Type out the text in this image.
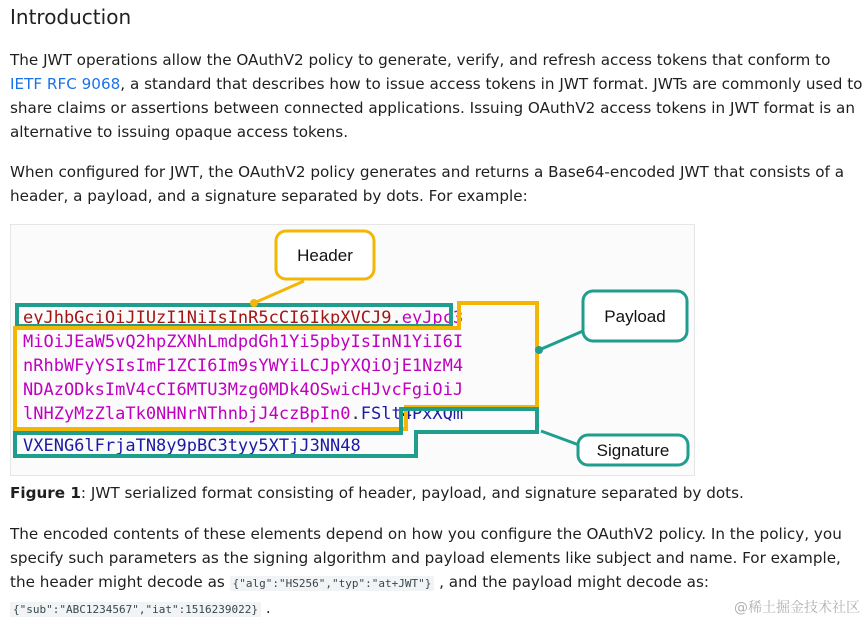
Introduction

The JWT operations allow the OAuthV2 policy to generate, verify, and refresh access tokens that conform to IETF RFC 9068, a standard that describes how to issue access tokens in JWT format. JWTs are commonly used to share claims or assertions between connected applications. Issuing OAuthV2 access tokens in JWT format is an alternative to issuing opaque access tokens.

When configured for JWT, the OAuthV2 policy generates and returns a Base64-encoded JWT that consists of a header, a payload, and a signature separated by dots. For example:

eyJhbGciOiJIUzI1NiIsInR5cCI6IkpXVCJ9.eyJpc3
MiOiJEaW5vQ2hpZXNhLmdpdGh1Yi5pbyIsInN1YiI6I
nRhbWFyYSIsImF1ZCI6Im9sYWYiLCJpYXQiOjE1NzM4
NDAzODksImV4cCI6MTU3Mzg0MDk4OSwicHJvcFgiOiJ
lNHZyMzZlaTk0NHNrNThnbjJ4czBpIn0.FSlt4PxXQm
VXENG6lFrjaTN8y9pBC3tyy5XTjJ3NN48
Header
Payload
Signature

Figure 1: JWT serialized format consisting of header, payload, and signature separated by dots.

The encoded contents of these elements depend on how you configure the OAuthV2 policy. In the policy, you specify such parameters as the signing algorithm and payload elements like subject and name. For example, the header might decode as {"alg":"HS256","typ":"at+JWT"} , and the payload might decode as: {"sub":"ABC1234567","iat":1516239022} .	@稀土掘金技术社区
